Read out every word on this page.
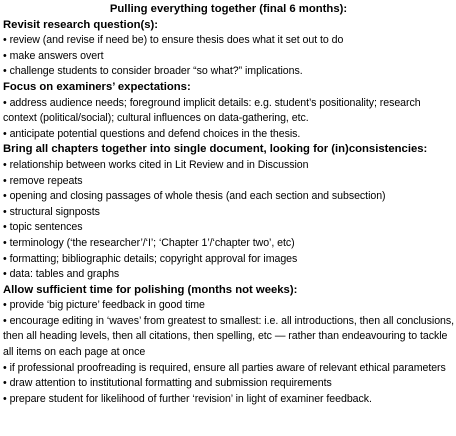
Pulling everything together (final 6 months):
Revisit research question(s):
• review (and revise if need be) to ensure thesis does what it set out to do
• make answers overt
• challenge students to consider broader “so what?” implications.
Focus on examiners’ expectations:
• address audience needs; foreground implicit details: e.g. student’s positionality; research context (political/social); cultural influences on data-gathering, etc.
• anticipate potential questions and defend choices in the thesis.
Bring all chapters together into single document, looking for (in)consistencies:
• relationship between works cited in Lit Review and in Discussion
• remove repeats
• opening and closing passages of whole thesis (and each section and subsection)
• structural signposts
• topic sentences
• terminology (‘the researcher’/‘I’; ‘Chapter 1’/‘chapter two’, etc)
• formatting; bibliographic details; copyright approval for images
• data: tables and graphs
Allow sufficient time for polishing (months not weeks):
• provide ‘big picture’ feedback in good time
• encourage editing in ‘waves’ from greatest to smallest: i.e. all introductions, then all conclusions, then all heading levels, then all citations, then spelling, etc — rather than endeavouring to tackle all items on each page at once
• if professional proofreading is required, ensure all parties aware of relevant ethical parameters
• draw attention to institutional formatting and submission requirements
• prepare student for likelihood of further ‘revision’ in light of examiner feedback.
